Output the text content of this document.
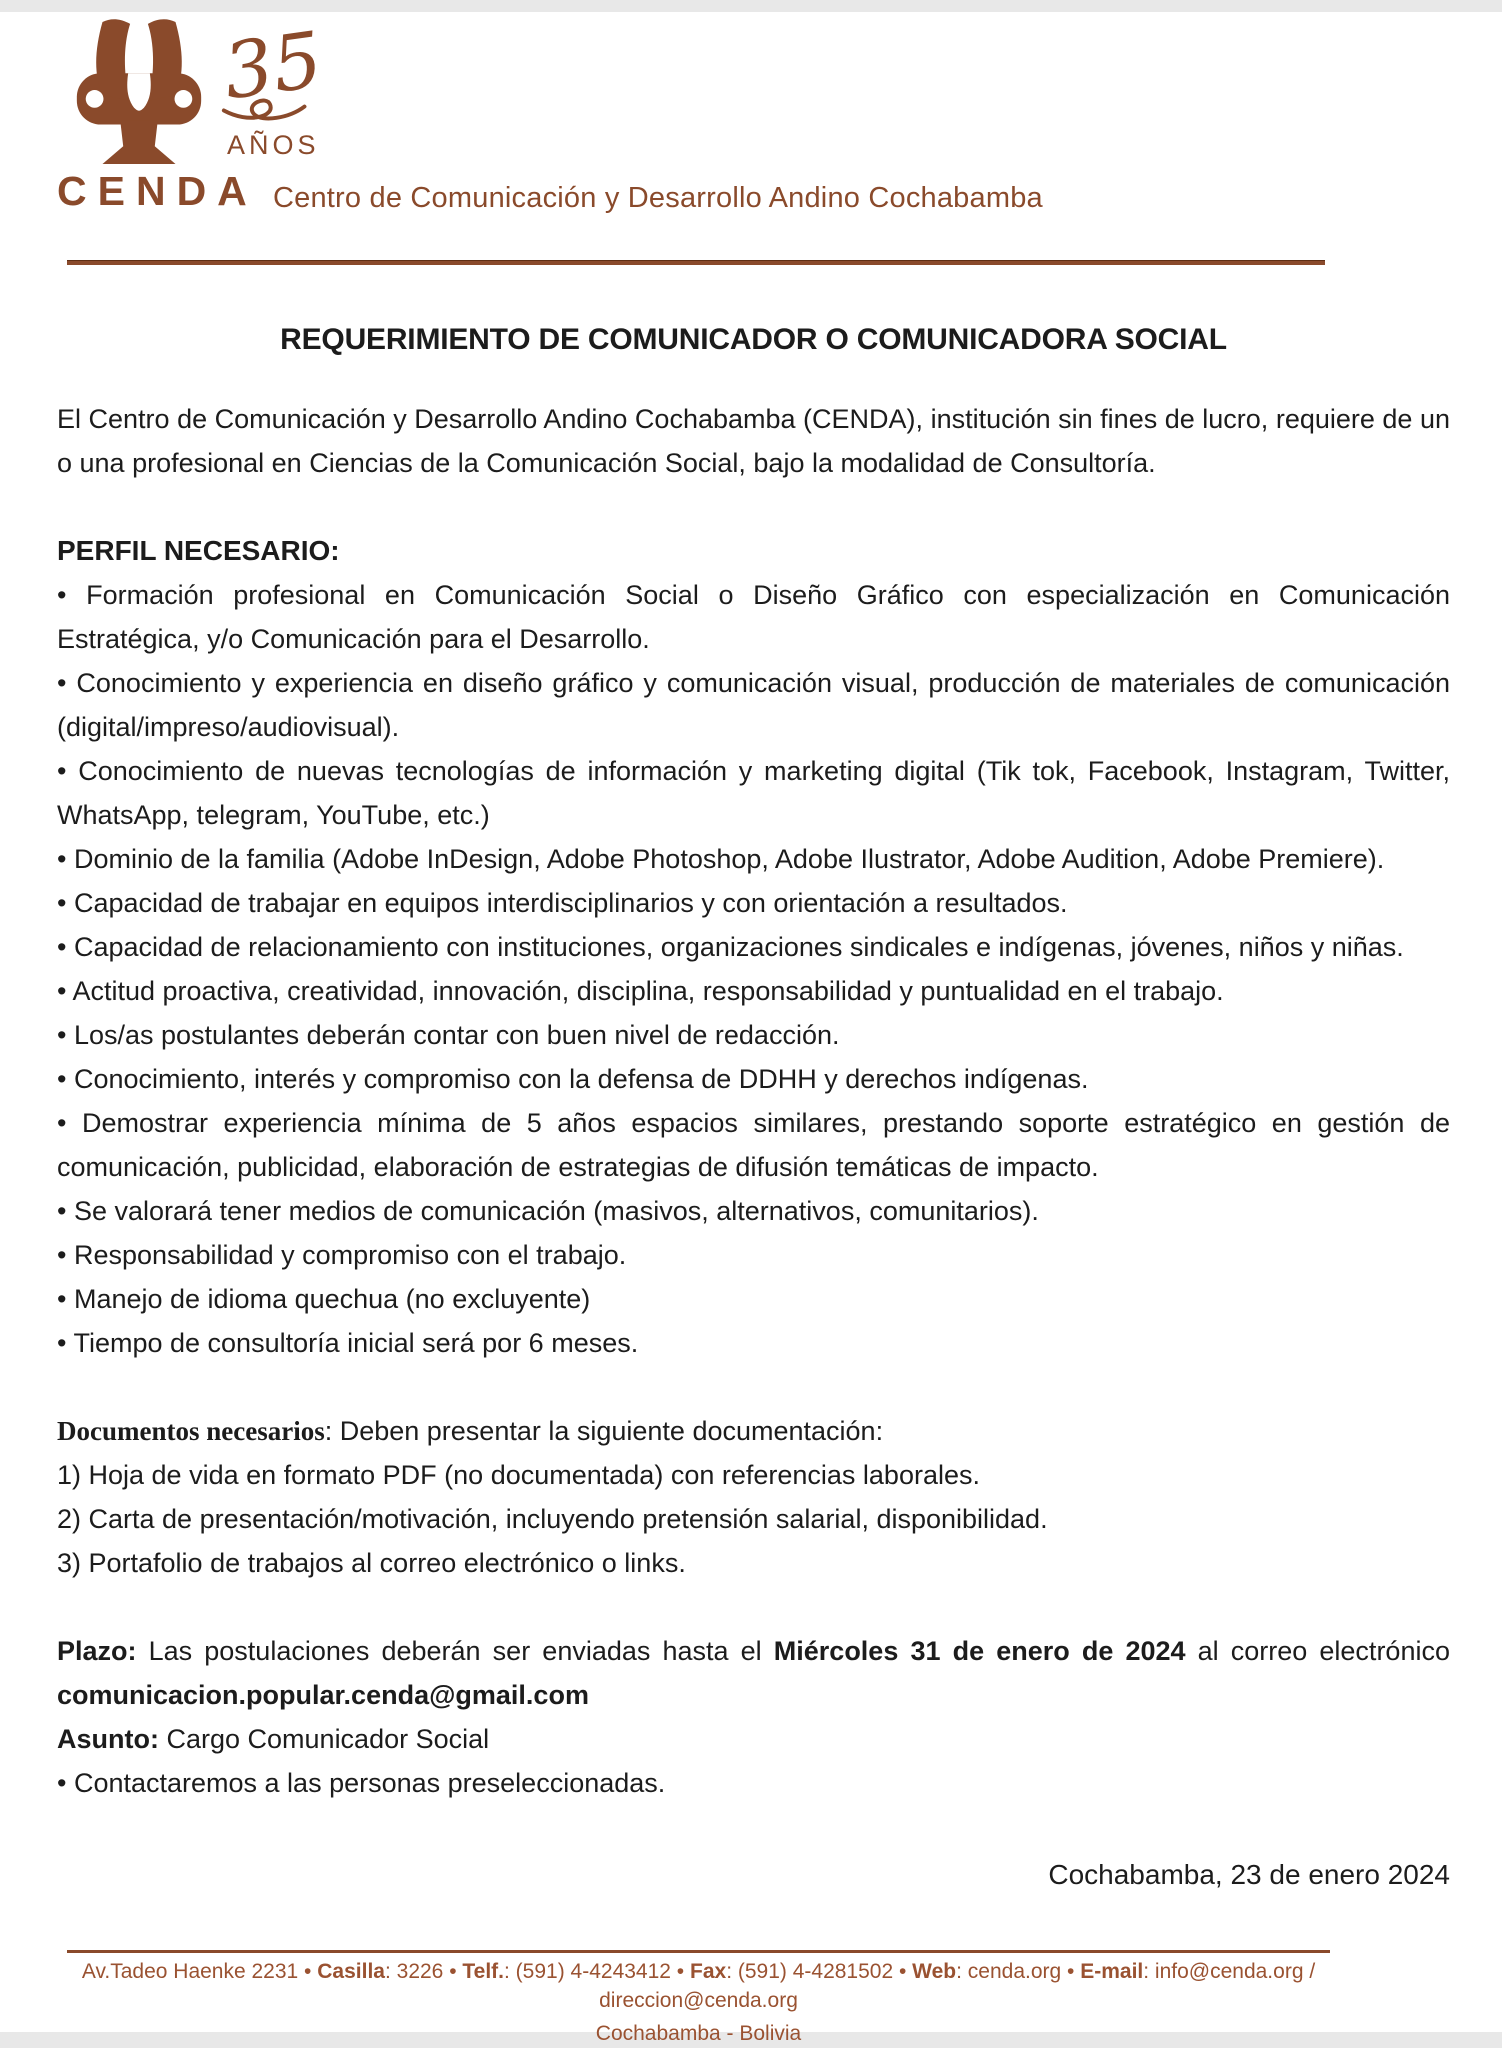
35
AÑOS
CENDA Centro de Comunicación y Desarrollo Andino Cochabamba
REQUERIMIENTO DE COMUNICADOR O COMUNICADORA SOCIAL

El Centro de Comunicación y Desarrollo Andino Cochabamba (CENDA), institución sin fines de lucro, requiere de un o una profesional en Ciencias de la Comunicación Social, bajo la modalidad de Consultoría.

PERFIL NECESARIO:

• Formación profesional en Comunicación Social o Diseño Gráfico con especialización en Comunicación Estratégica, y/o Comunicación para el Desarrollo.

• Conocimiento y experiencia en diseño gráfico y comunicación visual, producción de materiales de comunicación (digital/impreso/audiovisual).

• Conocimiento de nuevas tecnologías de información y marketing digital (Tik tok, Facebook, Instagram, Twitter, WhatsApp, telegram, YouTube, etc.)

• Dominio de la familia (Adobe InDesign, Adobe Photoshop, Adobe Ilustrator, Adobe Audition, Adobe Premiere).

• Capacidad de trabajar en equipos interdisciplinarios y con orientación a resultados.

• Capacidad de relacionamiento con instituciones, organizaciones sindicales e indígenas, jóvenes, niños y niñas.

• Actitud proactiva, creatividad, innovación, disciplina, responsabilidad y puntualidad en el trabajo.

• Los/as postulantes deberán contar con buen nivel de redacción.

• Conocimiento, interés y compromiso con la defensa de DDHH y derechos indígenas.

• Demostrar experiencia mínima de 5 años espacios similares, prestando soporte estratégico en gestión de comunicación, publicidad, elaboración de estrategias de difusión temáticas de impacto.

• Se valorará tener medios de comunicación (masivos, alternativos, comunitarios).

• Responsabilidad y compromiso con el trabajo.

• Manejo de idioma quechua (no excluyente)

• Tiempo de consultoría inicial será por 6 meses.

Documentos necesarios: Deben presentar la siguiente documentación:

1) Hoja de vida en formato PDF (no documentada) con referencias laborales.

2) Carta de presentación/motivación, incluyendo pretensión salarial, disponibilidad.

3) Portafolio de trabajos al correo electrónico o links.

Plazo: Las postulaciones deberán ser enviadas hasta el Miércoles 31 de enero de 2024 al correo electrónico comunicacion.popular.cenda@gmail.com

Asunto: Cargo Comunicador Social

• Contactaremos a las personas preseleccionadas.

Cochabamba, 23 de enero 2024

Av.Tadeo Haenke 2231 • Casilla: 3226 • Telf.: (591) 4-4243412 • Fax: (591) 4-4281502 • Web: cenda.org • E-mail: info@cenda.org / direccion@cenda.org

Cochabamba - Bolivia
